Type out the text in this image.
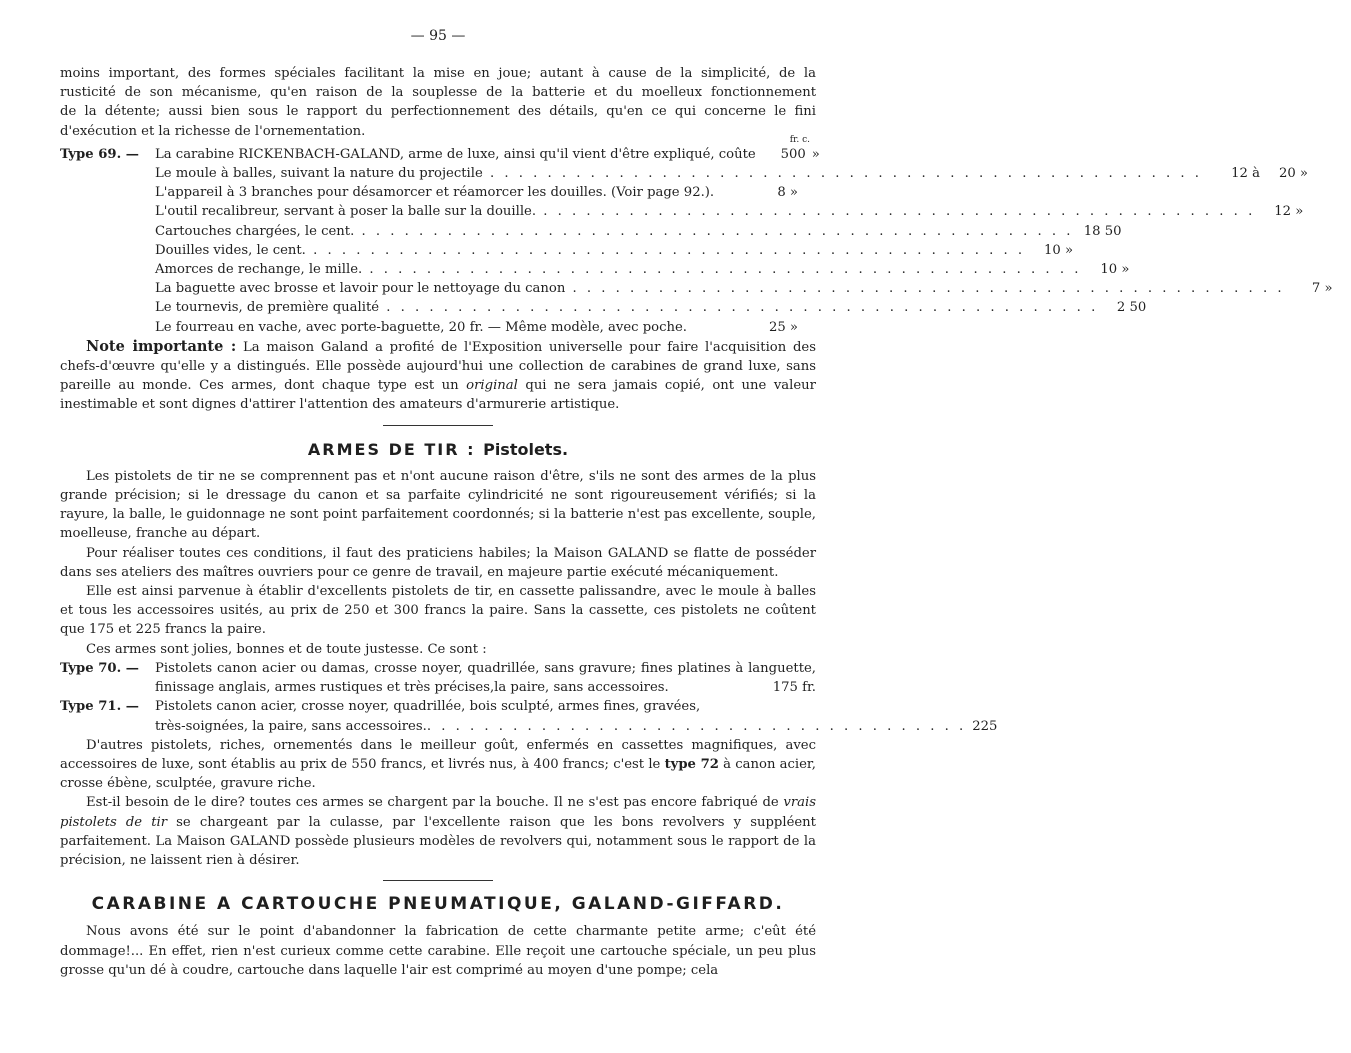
— 95 —
moins important, des formes spéciales facilitant la mise en joue; autant à cause de la simplicité, de la
rusticité de son mécanisme, qu'en raison de la souplesse de la batterie et du moelleux fonctionnement
de la détente; aussi bien sous le rapport du perfectionnement des détails, qu'en ce qui concerne le fini
d'exécution et la richesse de l'ornementation.
fr. c.
Type 69. —	La carabine RICKENBACH-GALAND, arme de luxe, ainsi qu'il vient d'être expliqué, coûte	500 »
Le moule à balles, suivant la nature du projectile . . .	12 à	20 »
L'appareil à 3 branches pour désamorcer et réamorcer les douilles. (Voir page 92.).	8 »
L'outil recalibreur, servant à poser la balle sur la douille. . . .	12 »
Cartouches chargées, le cent. . . .	18 50
Douilles vides, le cent. . . .	10 »
Amorces de rechange, le mille. . . .	10 »
La baguette avec brosse et lavoir pour le nettoyage du canon . . .	7 »
Le tournevis, de première qualité . . .	2 50
Le fourreau en vache, avec porte-baguette, 20 fr. — Même modèle, avec poche.	25 »

Note importante : La maison Galand a profité de l'Exposition universelle pour faire l'acquisition des chefs-d'œuvre qu'elle y a distingués. Elle possède aujourd'hui une collection de carabines de grand luxe, sans pareille au monde. Ces armes, dont chaque type est un original qui ne sera jamais copié, ont une valeur inestimable et sont dignes d'attirer l'attention des amateurs d'armurerie artistique.

ARMES DE TIR : Pistolets.

Les pistolets de tir ne se comprennent pas et n'ont aucune raison d'être, s'ils ne sont des armes de la plus grande précision; si le dressage du canon et sa parfaite cylindricité ne sont rigoureusement vérifiés; si la rayure, la balle, le guidonnage ne sont point parfaitement coordonnés; si la batterie n'est pas excellente, souple, moelleuse, franche au départ.

Pour réaliser toutes ces conditions, il faut des praticiens habiles; la Maison GALAND se flatte de posséder dans ses ateliers des maîtres ouvriers pour ce genre de travail, en majeure partie exécuté mécaniquement.

Elle est ainsi parvenue à établir d'excellents pistolets de tir, en cassette palissandre, avec le moule à balles et tous les accessoires usités, au prix de 250 et 300 francs la paire. Sans la cassette, ces pistolets ne coûtent que 175 et 225 francs la paire.

Ces armes sont jolies, bonnes et de toute justesse. Ce sont :

Type 70. —	Pistolets canon acier ou damas, crosse noyer, quadrillée, sans gravure; fines platines à languette, finissage anglais, armes rustiques et très précises,la paire, sans accessoires.	175 fr.
Type 71. —	Pistolets canon acier, crosse noyer, quadrillée, bois sculpté, armes fines, gravées,
très-soignées, la paire, sans accessoires.
. . .	225

D'autres pistolets, riches, ornementés dans le meilleur goût, enfermés en cassettes magnifiques, avec accessoires de luxe, sont établis au prix de 550 francs, et livrés nus, à 400 francs; c'est le type 72 à canon acier, crosse ébène, sculptée, gravure riche.

Est-il besoin de le dire? toutes ces armes se chargent par la bouche. Il ne s'est pas encore fabriqué de vrais pistolets de tir se chargeant par la culasse, par l'excellente raison que les bons revolvers y suppléent parfaitement. La Maison GALAND possède plusieurs modèles de revolvers qui, notamment sous le rapport de la précision, ne laissent rien à désirer.

CARABINE A CARTOUCHE PNEUMATIQUE, GALAND-GIFFARD.

Nous avons été sur le point d'abandonner la fabrication de cette charmante petite arme; c'eût été dommage!... En effet, rien n'est curieux comme cette carabine. Elle reçoit une cartouche spéciale, un peu plus grosse qu'un dé à coudre, cartouche dans laquelle l'air est comprimé au moyen d'une pompe; cela
